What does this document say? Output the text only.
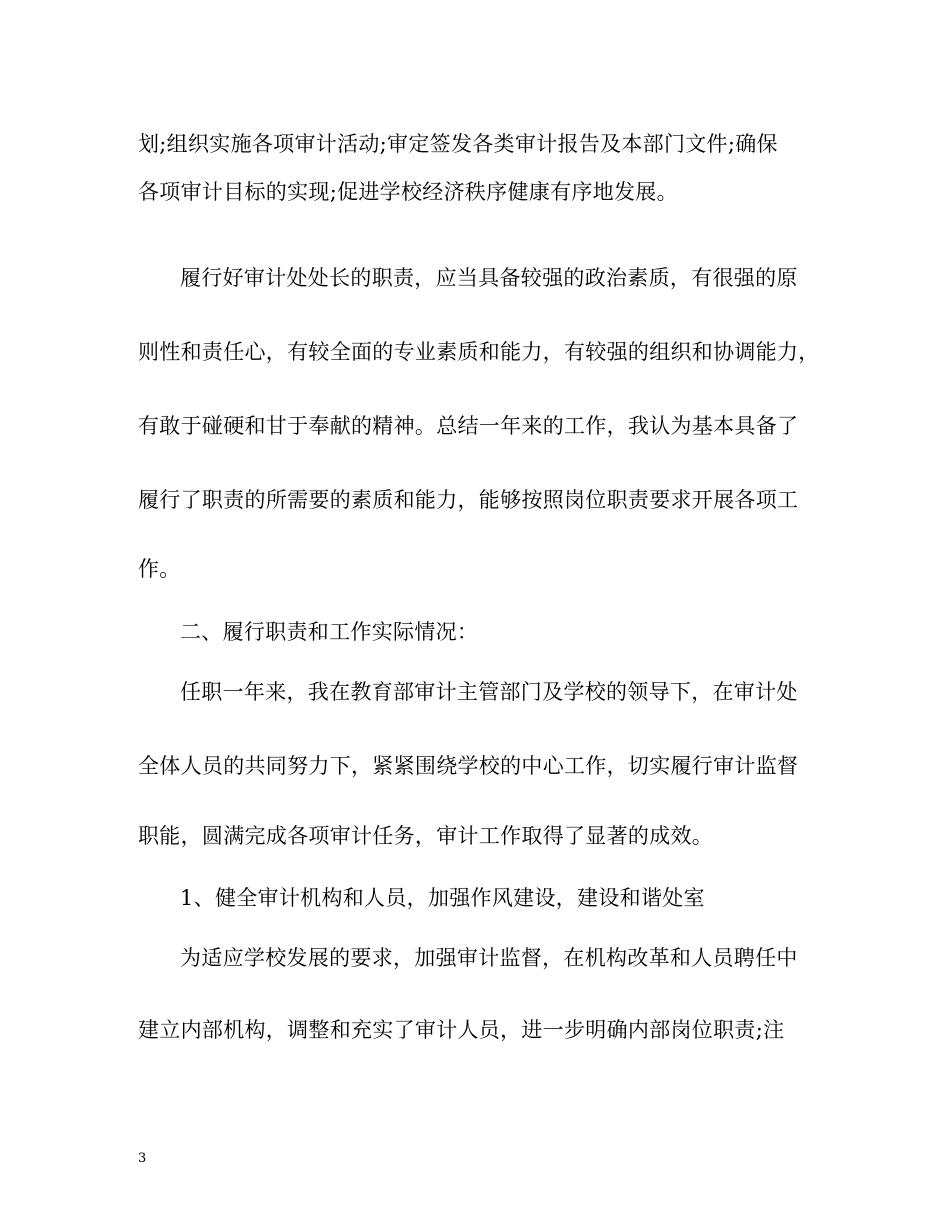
划;组织实施各项审计活动;审定签发各类审计报告及本部门文件;确保
各项审计目标的实现;促进学校经济秩序健康有序地发展。
履行好审计处处长的职责，应当具备较强的政治素质，有很强的原
则性和责任心，有较全面的专业素质和能力，有较强的组织和协调能力，
有敢于碰硬和甘于奉献的精神。总结一年来的工作，我认为基本具备了
履行了职责的所需要的素质和能力，能够按照岗位职责要求开展各项工
作。
二、履行职责和工作实际情况：
任职一年来，我在教育部审计主管部门及学校的领导下，在审计处
全体人员的共同努力下，紧紧围绕学校的中心工作，切实履行审计监督
职能，圆满完成各项审计任务，审计工作取得了显著的成效。
1、健全审计机构和人员，加强作风建设，建设和谐处室
为适应学校发展的要求，加强审计监督，在机构改革和人员聘任中
建立内部机构，调整和充实了审计人员，进一步明确内部岗位职责;注
3
